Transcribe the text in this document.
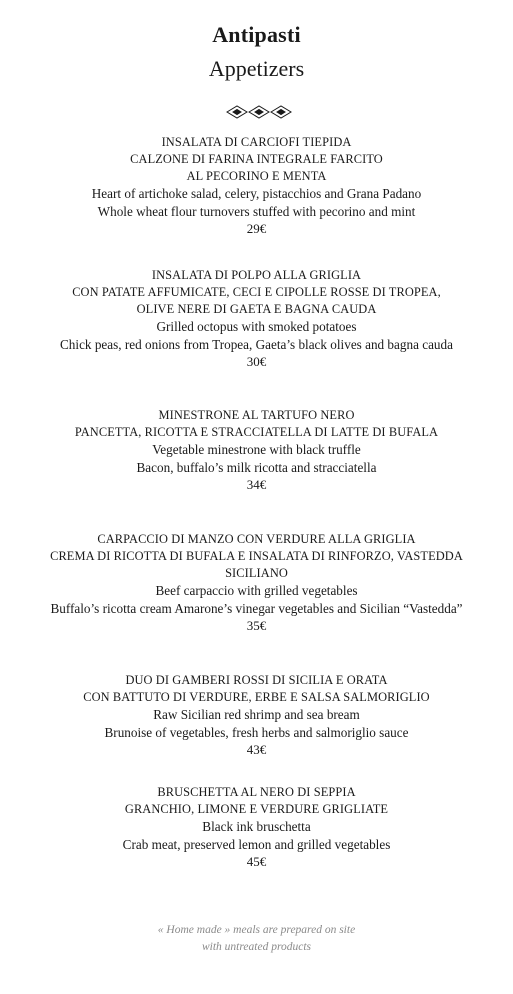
Antipasti
Appetizers
INSALATA DI CARCIOFI TIEPIDA
CALZONE DI FARINA INTEGRALE FARCITO
AL PECORINO E MENTA
Heart of artichoke salad, celery, pistacchios and Grana Padano
Whole wheat flour turnovers stuffed with pecorino and mint
29€
INSALATA DI POLPO ALLA GRIGLIA
CON PATATE AFFUMICATE, CECI E CIPOLLE ROSSE DI TROPEA,
OLIVE NERE DI GAETA E BAGNA CAUDA
Grilled octopus with smoked potatoes
Chick peas, red onions from Tropea, Gaeta’s black olives and bagna cauda
30€
MINESTRONE AL TARTUFO NERO
PANCETTA, RICOTTA E STRACCIATELLA DI LATTE DI BUFALA
Vegetable minestrone with black truffle
Bacon, buffalo’s milk ricotta and stracciatella
34€
CARPACCIO DI MANZO CON VERDURE ALLA GRIGLIA
CREMA DI RICOTTA DI BUFALA E INSALATA DI RINFORZO, VASTEDDA
SICILIANO
Beef carpaccio with grilled vegetables
Buffalo’s ricotta cream Amarone’s vinegar vegetables and Sicilian “Vastedda”
35€
DUO DI GAMBERI ROSSI DI SICILIA E ORATA
CON BATTUTO DI VERDURE, ERBE E SALSA SALMORIGLIO
Raw Sicilian red shrimp and sea bream
Brunoise of vegetables, fresh herbs and salmoriglio sauce
43€
BRUSCHETTA AL NERO DI SEPPIA
GRANCHIO, LIMONE E VERDURE GRIGLIATE
Black ink bruschetta
Crab meat, preserved lemon and grilled vegetables
45€
« Home made » meals are prepared on site
with untreated products
